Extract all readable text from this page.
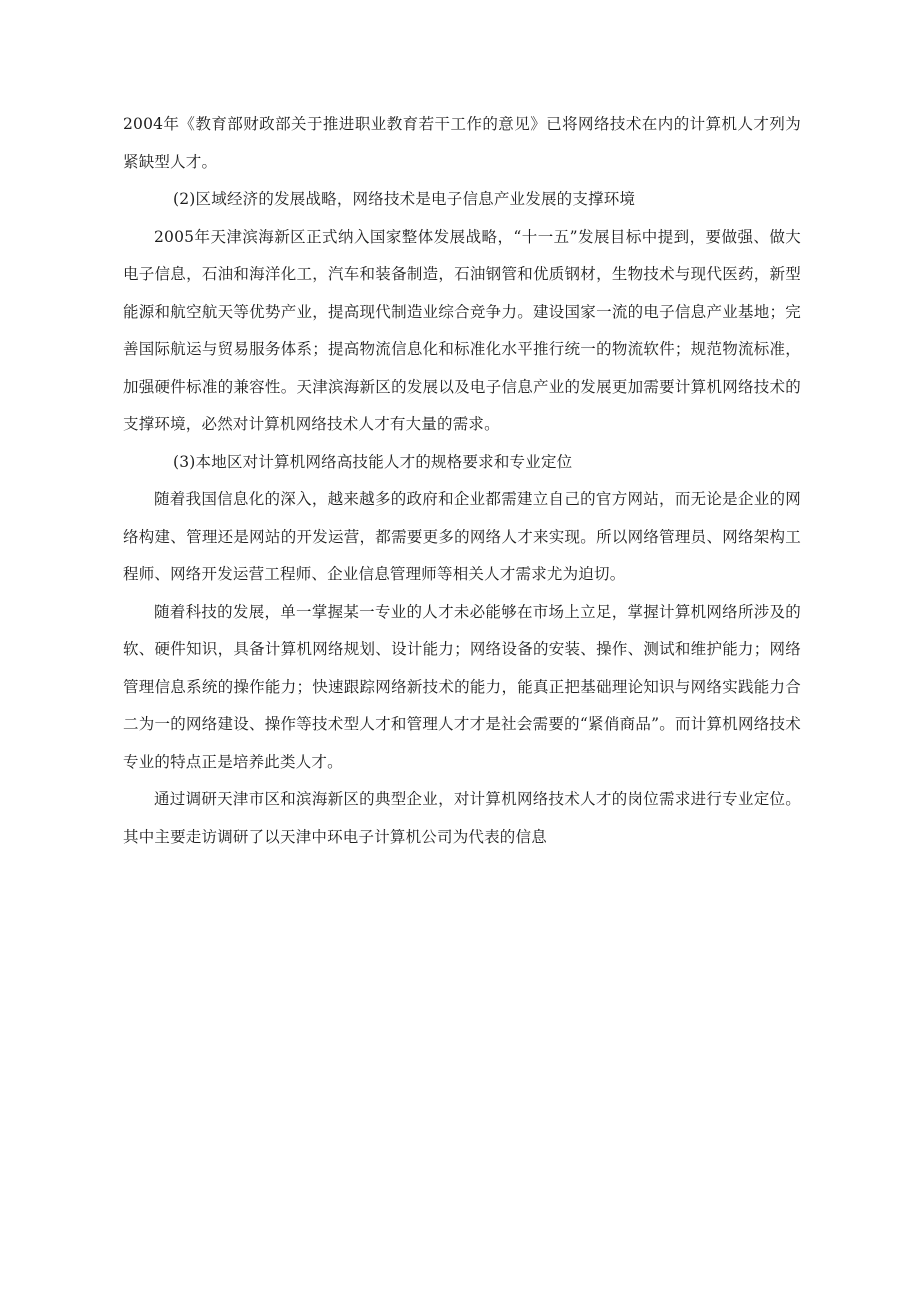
2004年《教育部财政部关于推进职业教育若干工作的意见》已将网络技术在内的计算机人才列为紧缺型人才。

(2)区域经济的发展战略，网络技术是电子信息产业发展的支撑环境

2005年天津滨海新区正式纳入国家整体发展战略，“十一五”发展目标中提到，要做强、做大电子信息，石油和海洋化工，汽车和装备制造，石油钢管和优质钢材，生物技术与现代医药，新型能源和航空航天等优势产业，提高现代制造业综合竞争力。建设国家一流的电子信息产业基地；完善国际航运与贸易服务体系；提高物流信息化和标准化水平推行统一的物流软件；规范物流标准，加强硬件标准的兼容性。天津滨海新区的发展以及电子信息产业的发展更加需要计算机网络技术的支撑环境，必然对计算机网络技术人才有大量的需求。

(3)本地区对计算机网络高技能人才的规格要求和专业定位

随着我国信息化的深入，越来越多的政府和企业都需建立自己的官方网站，而无论是企业的网络构建、管理还是网站的开发运营，都需要更多的网络人才来实现。所以网络管理员、网络架构工程师、网络开发运营工程师、企业信息管理师等相关人才需求尤为迫切。

随着科技的发展，单一掌握某一专业的人才未必能够在市场上立足，掌握计算机网络所涉及的软、硬件知识，具备计算机网络规划、设计能力；网络设备的安装、操作、测试和维护能力；网络管理信息系统的操作能力；快速跟踪网络新技术的能力，能真正把基础理论知识与网络实践能力合二为一的网络建设、操作等技术型人才和管理人才才是社会需要的“紧俏商品”。而计算机网络技术专业的特点正是培养此类人才。

通过调研天津市区和滨海新区的典型企业，对计算机网络技术人才的岗位需求进行专业定位。其中主要走访调研了以天津中环电子计算机公司为代表的信息
